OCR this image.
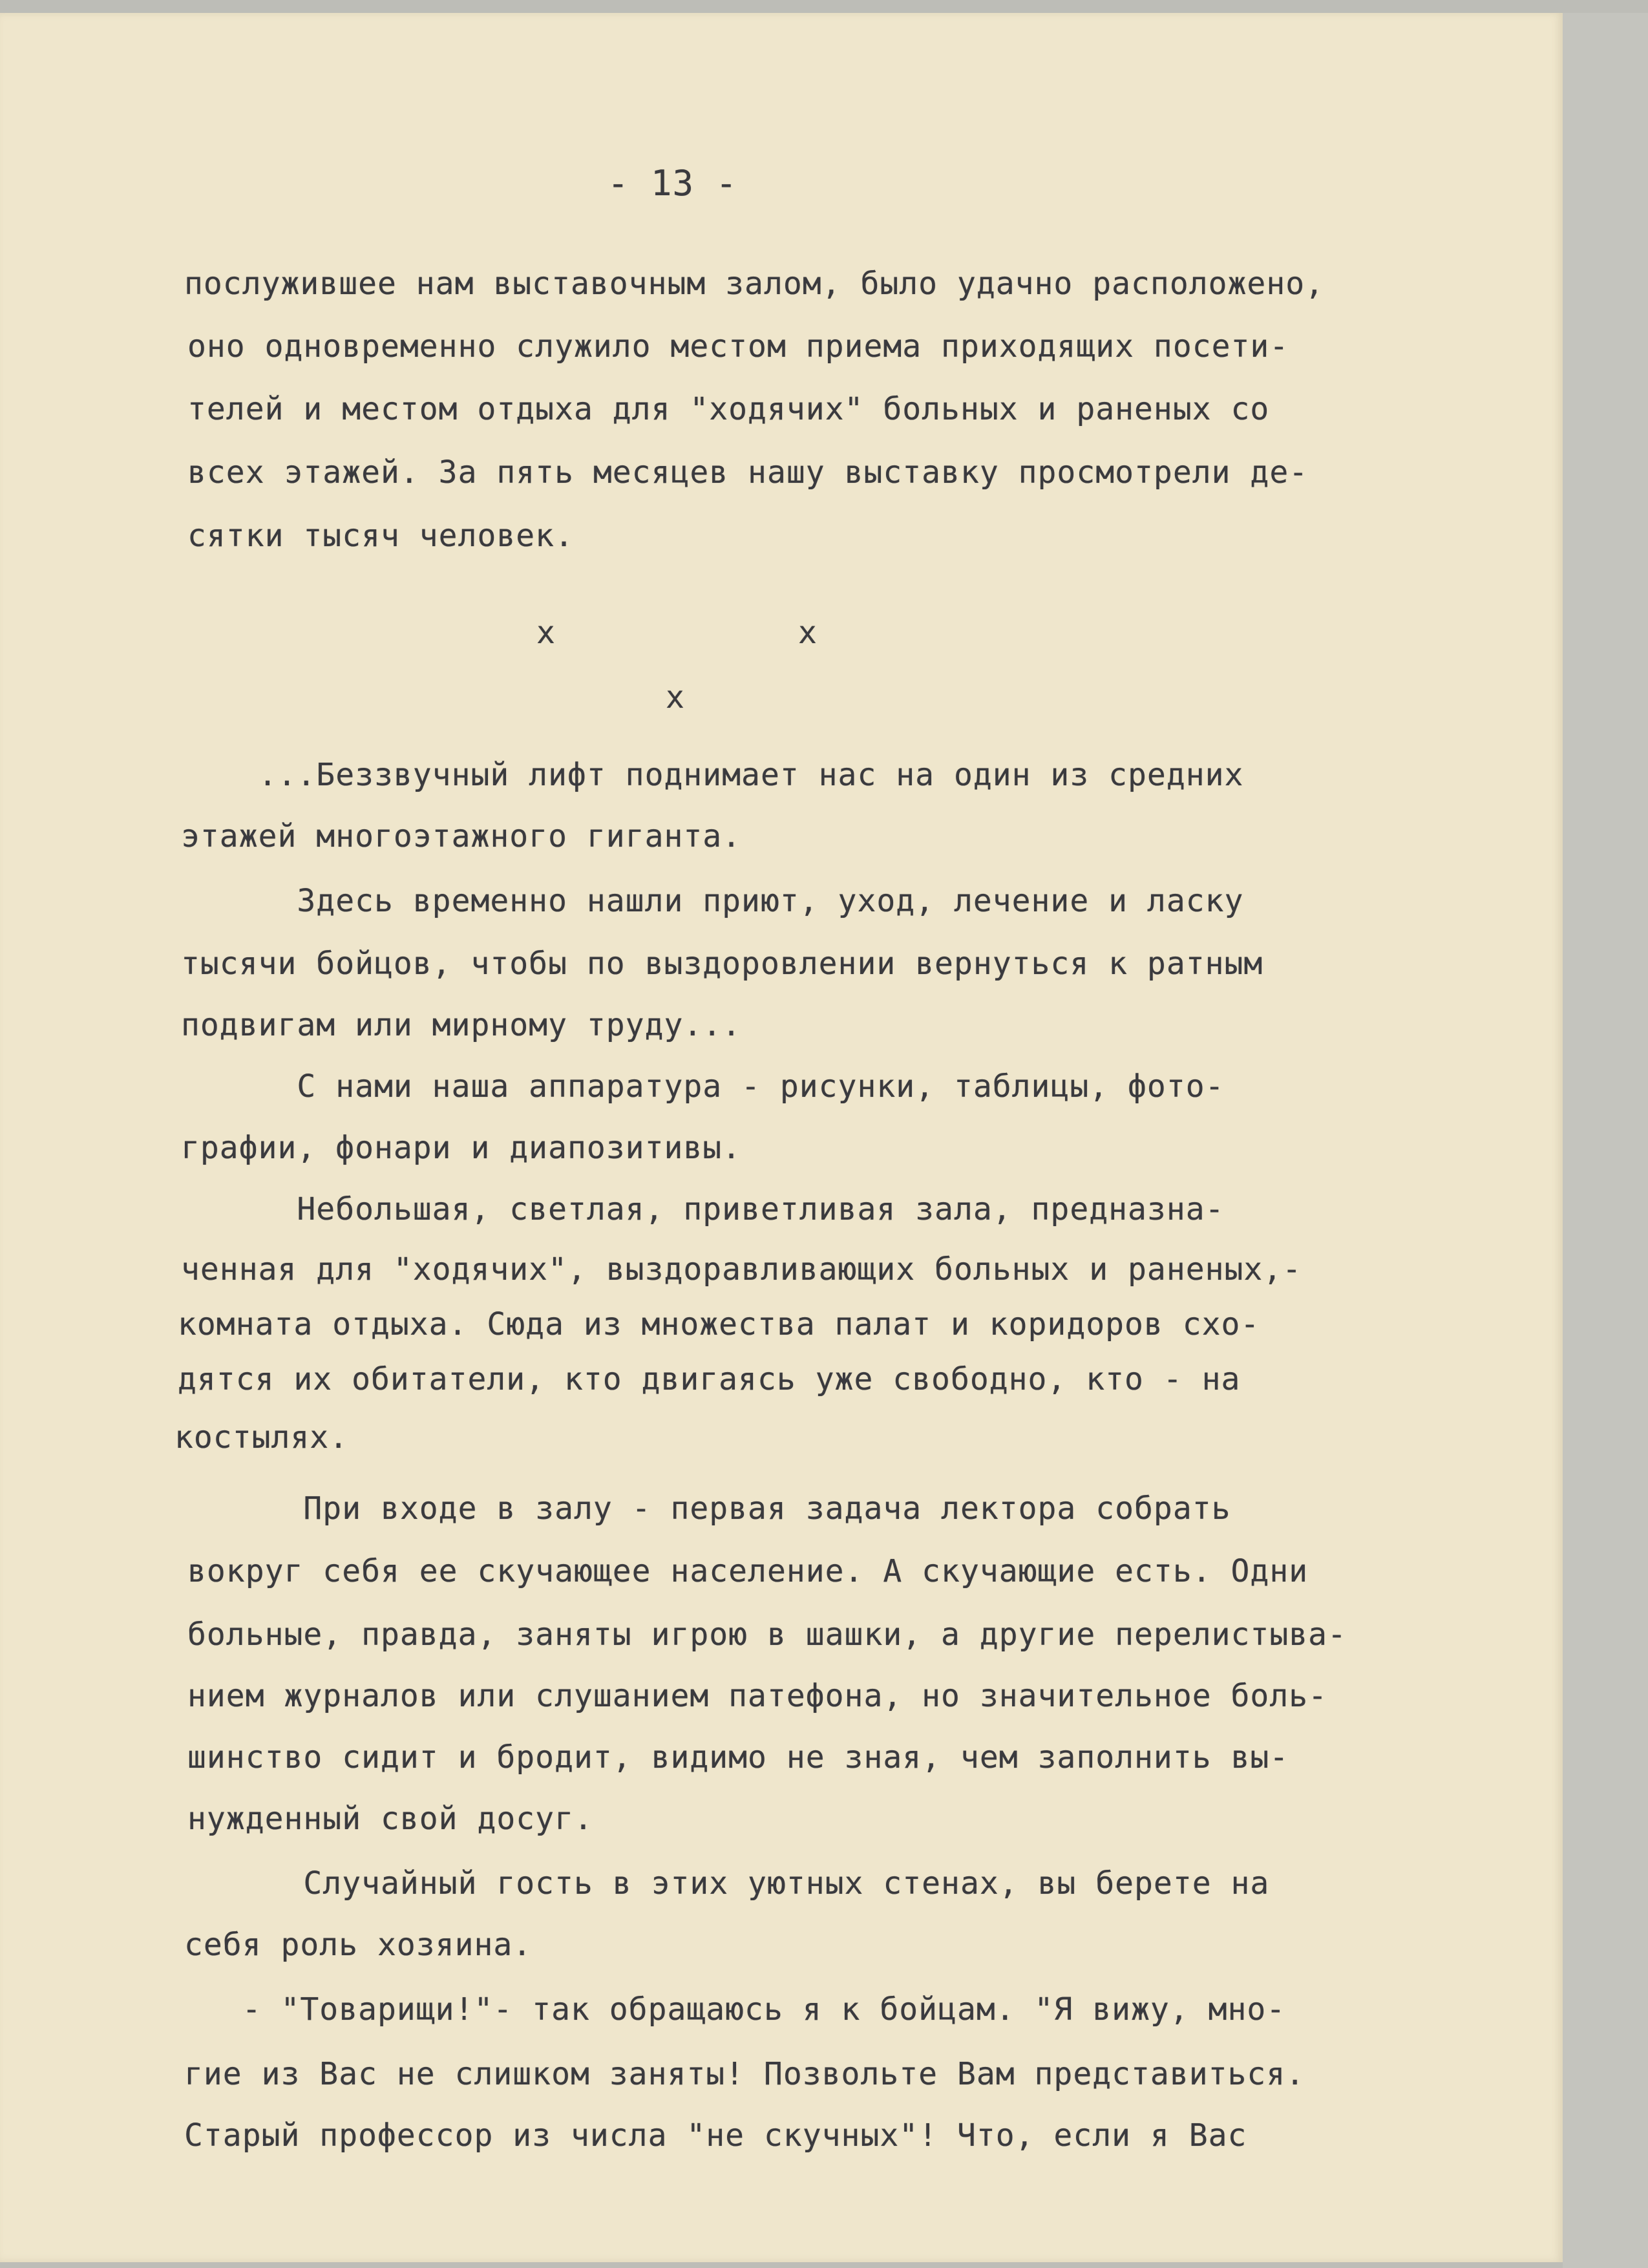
- 13 -
послужившее нам выставочным залом, было удачно расположено,
оно одновременно служило местом приема приходящих посети-
телей и местом отдыха для "ходячих" больных и раненых со
всех этажей. За пять месяцев нашу выставку просмотрели де-
сятки тысяч человек.
x	x
x
...Беззвучный лифт поднимает нас на один из средних
этажей многоэтажного гиганта.
Здесь временно нашли приют, уход, лечение и ласку
тысячи бойцов, чтобы по выздоровлении вернуться к ратным
подвигам или мирному труду...
С нами наша аппаратура - рисунки, таблицы, фото-
графии, фонари и диапозитивы.
Небольшая, светлая, приветливая зала, предназна-
ченная для "ходячих", выздоравливающих больных и раненых,-
комната отдыха. Сюда из множества палат и коридоров схо-
дятся их обитатели, кто двигаясь уже свободно, кто - на
костылях.
При входе в залу - первая задача лектора собрать
вокруг себя ее скучающее население. А скучающие есть. Одни
больные, правда, заняты игрою в шашки, а другие перелистыва-
нием журналов или слушанием патефона, но значительное боль-
шинство сидит и бродит, видимо не зная, чем заполнить вы-
нужденный свой досуг.
Случайный гость в этих уютных стенах, вы берете на
себя роль хозяина.
- "Товарищи!"- так обращаюсь я к бойцам. "Я вижу, мно-
гие из Вас не слишком заняты! Позвольте Вам представиться.
Старый профессор из числа "не скучных"! Что, если я Вас
